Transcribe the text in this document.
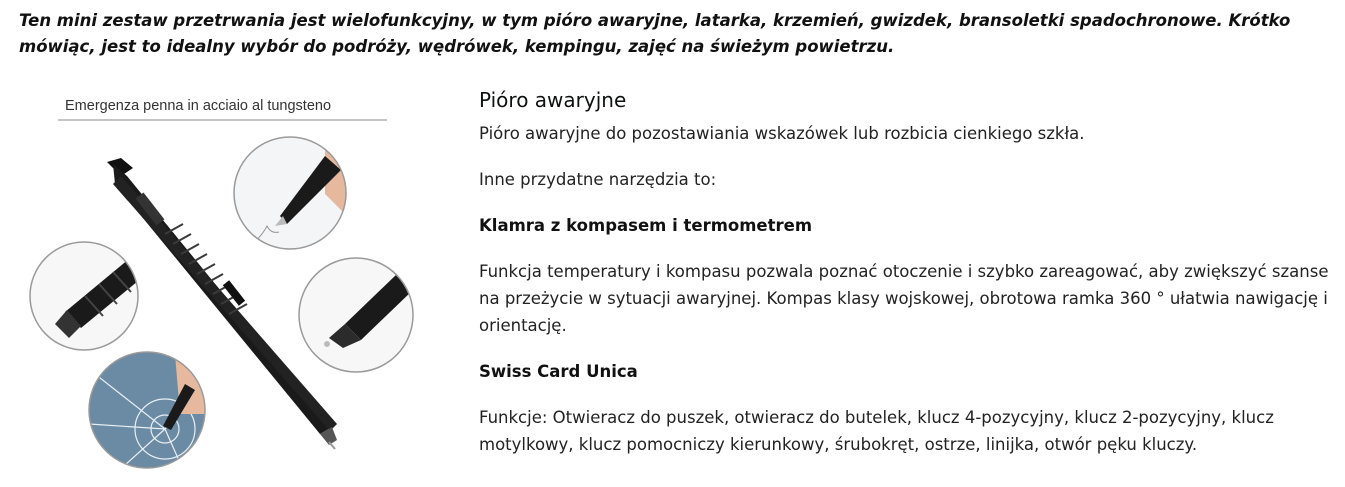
Ten mini zestaw przetrwania jest wielofunkcyjny, w tym pióro awaryjne, latarka, krzemień, gwizdek, bransoletki spadochronowe. Krótko mówiąc, jest to idealny wybór do podróży, wędrówek, kempingu, zajęć na świeżym powietrzu.
Emergenza penna in acciaio al tungsteno	Pióro awaryjne

Pióro awaryjne do pozostawiania wskazówek lub rozbicia cienkiego szkła.

Inne przydatne narzędzia to:

Klamra z kompasem i termometrem

Funkcja temperatury i kompasu pozwala poznać otoczenie i szybko zareagować, aby zwiększyć szanse na przeżycie w sytuacji awaryjnej. Kompas klasy wojskowej, obrotowa ramka 360 ° ułatwia nawigację i orientację.

Swiss Card Unica

Funkcje: Otwieracz do puszek, otwieracz do butelek, klucz 4-pozycyjny, klucz 2-pozycyjny, klucz motylkowy, klucz pomocniczy kierunkowy, śrubokręt, ostrze, linijka, otwór pęku kluczy.
